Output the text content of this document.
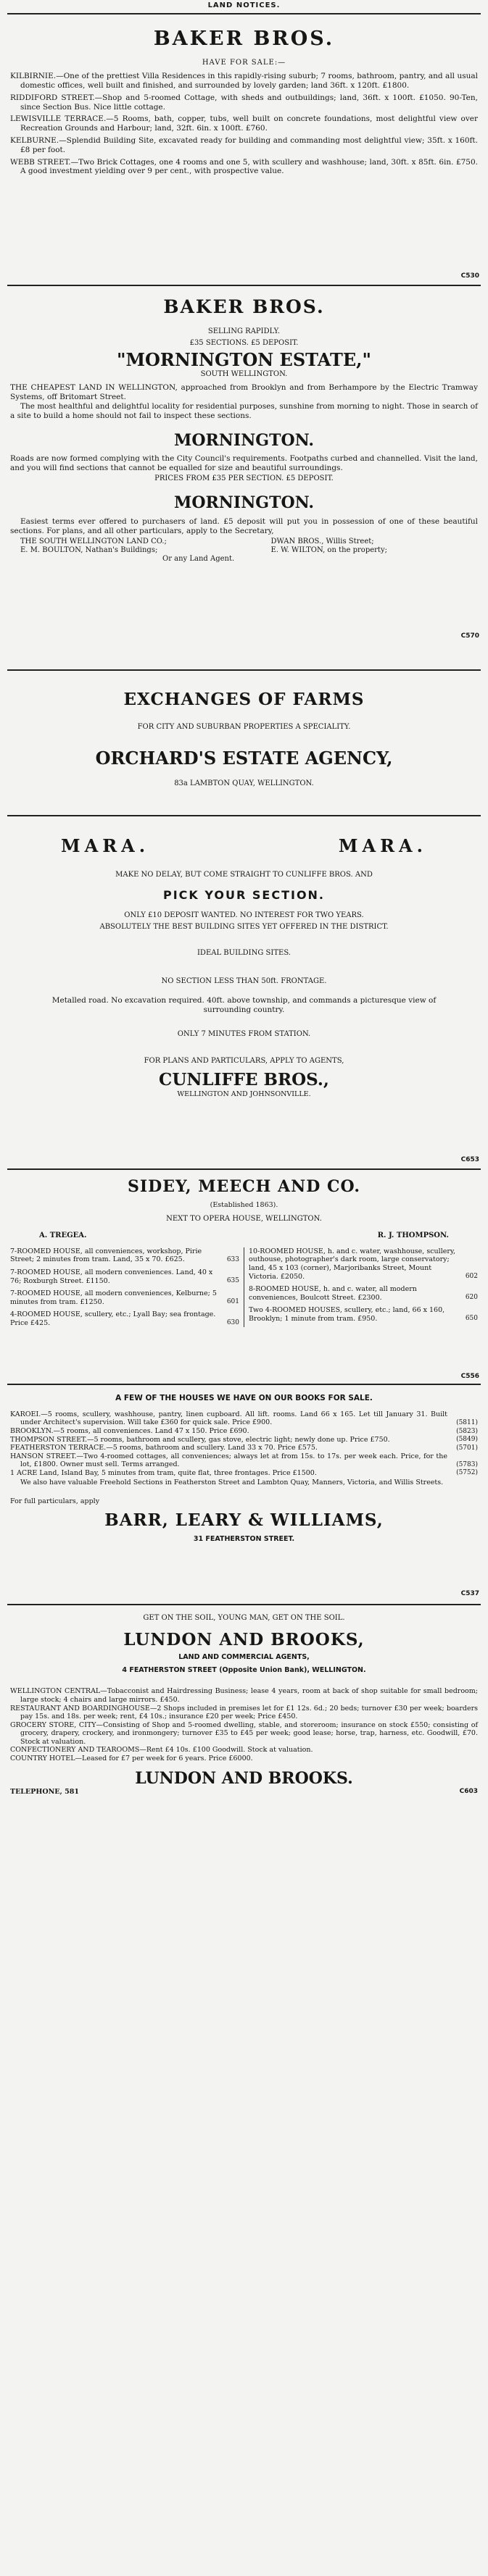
LAND NOTICES.
BAKER BROS.
HAVE FOR SALE:—

KILBIRNIE.—One of the prettiest Villa Residences in this rapidly-rising suburb; 7 rooms, bathroom, pantry, and all usual domestic offices, well built and finished, and surrounded by lovely garden; land 36ft. x 120ft. £1800.

RIDDIFORD STREET.—Shop and 5-roomed Cottage, with sheds and outbuildings; land, 36ft. x 100ft. £1050. 90-Ten, since Section Bus. Nice little cottage.

LEWISVILLE TERRACE.—5 Rooms, bath, copper, tubs, well built on concrete foundations, most delightful view over Recreation Grounds and Harbour; land, 32ft. 6in. x 100ft. £760.

KELBURNE.—Splendid Building Site, excavated ready for building and commanding most delightful view; 35ft. x 160ft. £8 per foot.

WEBB STREET.—Two Brick Cottages, one 4 rooms and one 5, with scullery and washhouse; land, 30ft. x 85ft. 6in. £750. A good investment yielding over 9 per cent., with prospective value.

C530
BAKER BROS.
SELLING RAPIDLY.
£35 SECTIONS. £5 DEPOSIT.
"MORNINGTON ESTATE,"
SOUTH WELLINGTON.

THE CHEAPEST LAND IN WELLINGTON, approached from Brooklyn and from Berhampore by the Electric Tramway Systems, off Britomart Street.

The most healthful and delightful locality for residential purposes, sunshine from morning to night. Those in search of a site to build a home should not fail to inspect these sections.

MORNINGTON.

Roads are now formed complying with the City Council's requirements. Footpaths curbed and channelled. Visit the land, and you will find sections that cannot be equalled for size and beautiful surroundings.

PRICES FROM £35 PER SECTION. £5 DEPOSIT.
MORNINGTON.

Easiest terms ever offered to purchasers of land. £5 deposit will put you in possession of one of these beautiful sections. For plans, and all other particulars, apply to the Secretary,

THE SOUTH WELLINGTON LAND CO.;	DWAN BROS., Willis Street;
E. M. BOULTON, Nathan's Buildings;	E. W. WILTON, on the property;
Or any Land Agent.
C570
EXCHANGES OF FARMS
FOR CITY AND SUBURBAN PROPERTIES A SPECIALITY.
ORCHARD'S ESTATE AGENCY,
83a LAMBTON QUAY, WELLINGTON.
MARA.	MARA.
MAKE NO DELAY, BUT COME STRAIGHT TO CUNLIFFE BROS. AND
PICK YOUR SECTION.
ONLY £10 DEPOSIT WANTED. NO INTEREST FOR TWO YEARS.
ABSOLUTELY THE BEST BUILDING SITES YET OFFERED IN THE DISTRICT.
IDEAL BUILDING SITES.
NO SECTION LESS THAN 50ft. FRONTAGE.

Metalled road. No excavation required. 40ft. above township, and commands a picturesque view of surrounding country.

ONLY 7 MINUTES FROM STATION.
FOR PLANS AND PARTICULARS, APPLY TO AGENTS,
CUNLIFFE BROS.,
WELLINGTON AND JOHNSONVILLE.
C653
SIDEY, MEECH AND CO.
(Established 1863).
NEXT TO OPERA HOUSE, WELLINGTON.
A. TREGEA.	R. J. THOMPSON.

7-ROOMED HOUSE, all conveniences, workshop, Pirie Street; 2 minutes from tram. Land, 35 x 70. £625.	633

7-ROOMED HOUSE, all modern conveniences. Land, 40 x 76; Roxburgh Street. £1150.	635

7-ROOMED HOUSE, all modern conveniences, Kelburne; 5 minutes from tram. £1250.	601

4-ROOMED HOUSE, scullery, etc.; Lyall Bay; sea frontage. Price £425.	630

10-ROOMED HOUSE, h. and c. water, washhouse, scullery, outhouse, photographer's dark room, large conservatory; land, 45 x 103 (corner), Marjoribanks Street, Mount Victoria. £2050.	602

8-ROOMED HOUSE, h. and c. water, all modern conveniences, Boulcott Street. £2300.	620

Two 4-ROOMED HOUSES, scullery, etc.; land, 66 x 160, Brooklyn; 1 minute from tram. £950.	650
C556
A FEW OF THE HOUSES WE HAVE ON OUR BOOKS FOR SALE.

KAROEI.—5 rooms, scullery, washhouse, pantry, linen cupboard. All lift. rooms. Land 66 x 165. Let till January 31. Built under Architect's supervision. Will take £360 for quick sale. Price £900.	(5811)

BROOKLYN.—5 rooms, all conveniences. Land 47 x 150. Price £690.	(5823)

THOMPSON STREET.—5 rooms, bathroom and scullery, gas stove, electric light; newly done up. Price £750.	(5849)

FEATHERSTON TERRACE.—5 rooms, bathroom and scullery. Land 33 x 70. Price £575.	(5701)

HANSON STREET.—Two 4-roomed cottages, all conveniences; always let at from 15s. to 17s. per week each. Price, for the lot, £1800. Owner must sell. Terms arranged.	(5783)

1 ACRE Land, Island Bay, 5 minutes from tram, quite flat, three frontages. Price £1500.	(5752)

We also have valuable Freehold Sections in Featherston Street and Lambton Quay, Manners, Victoria, and Willis Streets.

For full particulars, apply
BARR, LEARY & WILLIAMS,
31 FEATHERSTON STREET.
C537
GET ON THE SOIL, YOUNG MAN, GET ON THE SOIL.
LUNDON AND BROOKS,
LAND AND COMMERCIAL AGENTS,
4 FEATHERSTON STREET (Opposite Union Bank), WELLINGTON.

WELLINGTON CENTRAL—Tobacconist and Hairdressing Business; lease 4 years, room at back of shop suitable for small bedroom; large stock; 4 chairs and large mirrors. £450.

RESTAURANT AND BOARDINGHOUSE—2 Shops included in premises let for £1 12s. 6d.; 20 beds; turnover £30 per week; boarders pay 15s. and 18s. per week; rent, £4 10s.; insurance £20 per week; Price £450.

GROCERY STORE, CITY—Consisting of Shop and 5-roomed dwelling, stable, and storeroom; insurance on stock £550; consisting of grocery, drapery, crockery, and ironmongery; turnover £35 to £45 per week; good lease; horse, trap, harness, etc. Goodwill, £70. Stock at valuation.

CONFECTIONERY AND TEAROOMS—Rent £4 10s. £100 Goodwill. Stock at valuation.

COUNTRY HOTEL—Leased for £7 per week for 6 years. Price £6000.

LUNDON AND BROOKS.
TELEPHONE, 581	C603
